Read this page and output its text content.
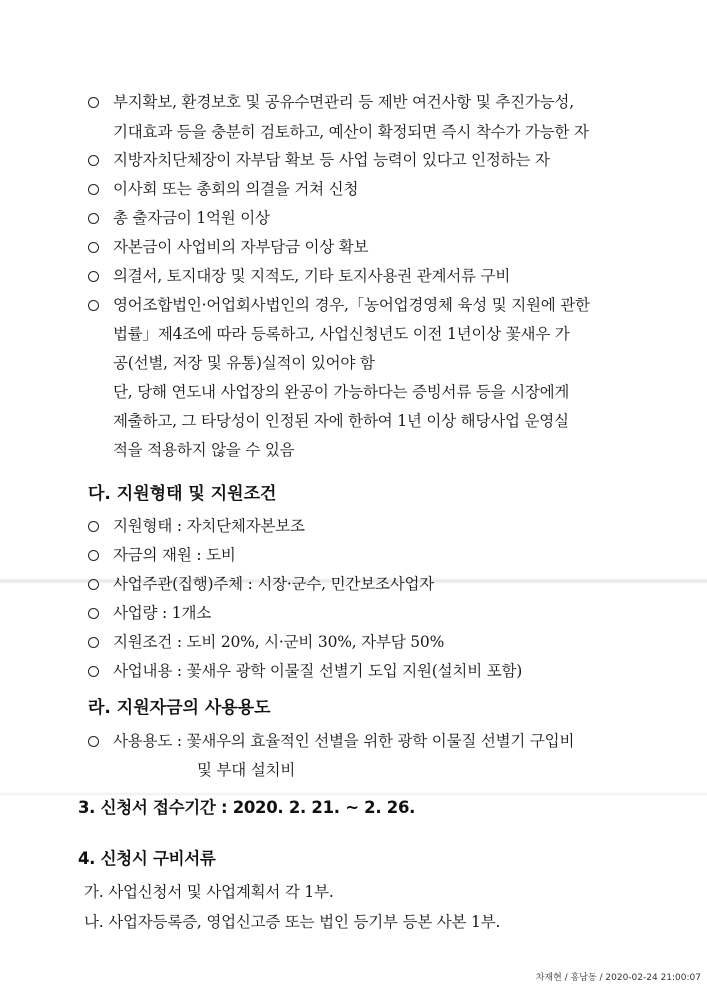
부지확보, 환경보호 및 공유수면관리 등 제반 여건사항 및 추진가능성,
기대효과 등을 충분히 검토하고, 예산이 확정되면 즉시 착수가 가능한 자
지방자치단체장이 자부담 확보 등 사업 능력이 있다고 인정하는 자
이사회 또는 총회의 의결을 거쳐 신청
총 출자금이 1억원 이상
자본금이 사업비의 자부담금 이상 확보
의결서, 토지대장 및 지적도, 기타 토지사용권 관계서류 구비
영어조합법인·어업회사법인의 경우,「농어업경영체 육성 및 지원에 관한
법률」제4조에 따라 등록하고, 사업신청년도 이전 1년이상 꽃새우 가
공(선별, 저장 및 유통)실적이 있어야 함
단, 당해 연도내 사업장의 완공이 가능하다는 증빙서류 등을 시장에게
제출하고, 그 타당성이 인정된 자에 한하여 1년 이상 해당사업 운영실
적을 적용하지 않을 수 있음
다. 지원형태 및 지원조건
지원형태 : 자치단체자본보조
자금의 재원 : 도비
사업주관(집행)주체 : 시장·군수, 민간보조사업자
사업량 : 1개소
지원조건 : 도비 20%, 시·군비 30%, 자부담 50%
사업내용 : 꽃새우 광학 이물질 선별기 도입 지원(설치비 포함)
라. 지원자금의 사용용도
사용용도 : 꽃새우의 효율적인 선별을 위한 광학 이물질 선별기 구입비
및 부대 설치비
3. 신청서 접수기간 : 2020. 2. 21. ~ 2. 26.
4. 신청시 구비서류
가. 사업신청서 및 사업계획서 각 1부.
나. 사업자등록증, 영업신고증 또는 법인 등기부 등본 사본 1부.
차재현 / 홍남동 / 2020-02-24 21:00:07
